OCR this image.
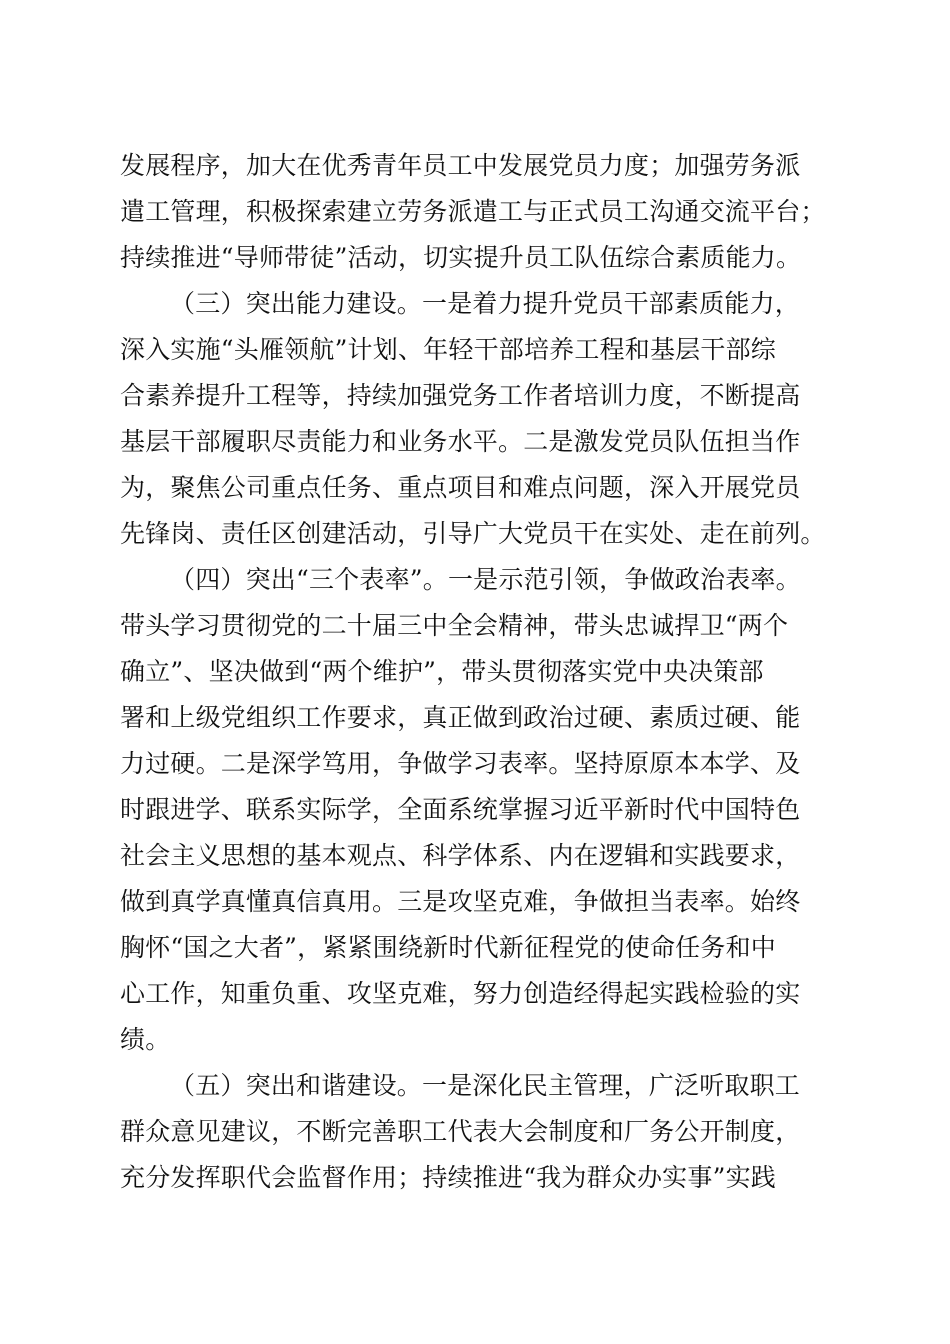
发展程序，加大在优秀青年员工中发展党员力度；加强劳务派
遣工管理，积极探索建立劳务派遣工与正式员工沟通交流平台；
持续推进“导师带徒”活动，切实提升员工队伍综合素质能力。
（三）突出能力建设。一是着力提升党员干部素质能力，
深入实施“头雁领航”计划、年轻干部培养工程和基层干部综
合素养提升工程等，持续加强党务工作者培训力度，不断提高
基层干部履职尽责能力和业务水平。二是激发党员队伍担当作
为，聚焦公司重点任务、重点项目和难点问题，深入开展党员
先锋岗、责任区创建活动，引导广大党员干在实处、走在前列。
（四）突出“三个表率”。一是示范引领，争做政治表率。
带头学习贯彻党的二十届三中全会精神，带头忠诚捍卫“两个
确立”、坚决做到“两个维护”，带头贯彻落实党中央决策部
署和上级党组织工作要求，真正做到政治过硬、素质过硬、能
力过硬。二是深学笃用，争做学习表率。坚持原原本本学、及
时跟进学、联系实际学，全面系统掌握习近平新时代中国特色
社会主义思想的基本观点、科学体系、内在逻辑和实践要求，
做到真学真懂真信真用。三是攻坚克难，争做担当表率。始终
胸怀“国之大者”，紧紧围绕新时代新征程党的使命任务和中
心工作，知重负重、攻坚克难，努力创造经得起实践检验的实
绩。
（五）突出和谐建设。一是深化民主管理，广泛听取职工
群众意见建议，不断完善职工代表大会制度和厂务公开制度，
充分发挥职代会监督作用；持续推进“我为群众办实事”实践
